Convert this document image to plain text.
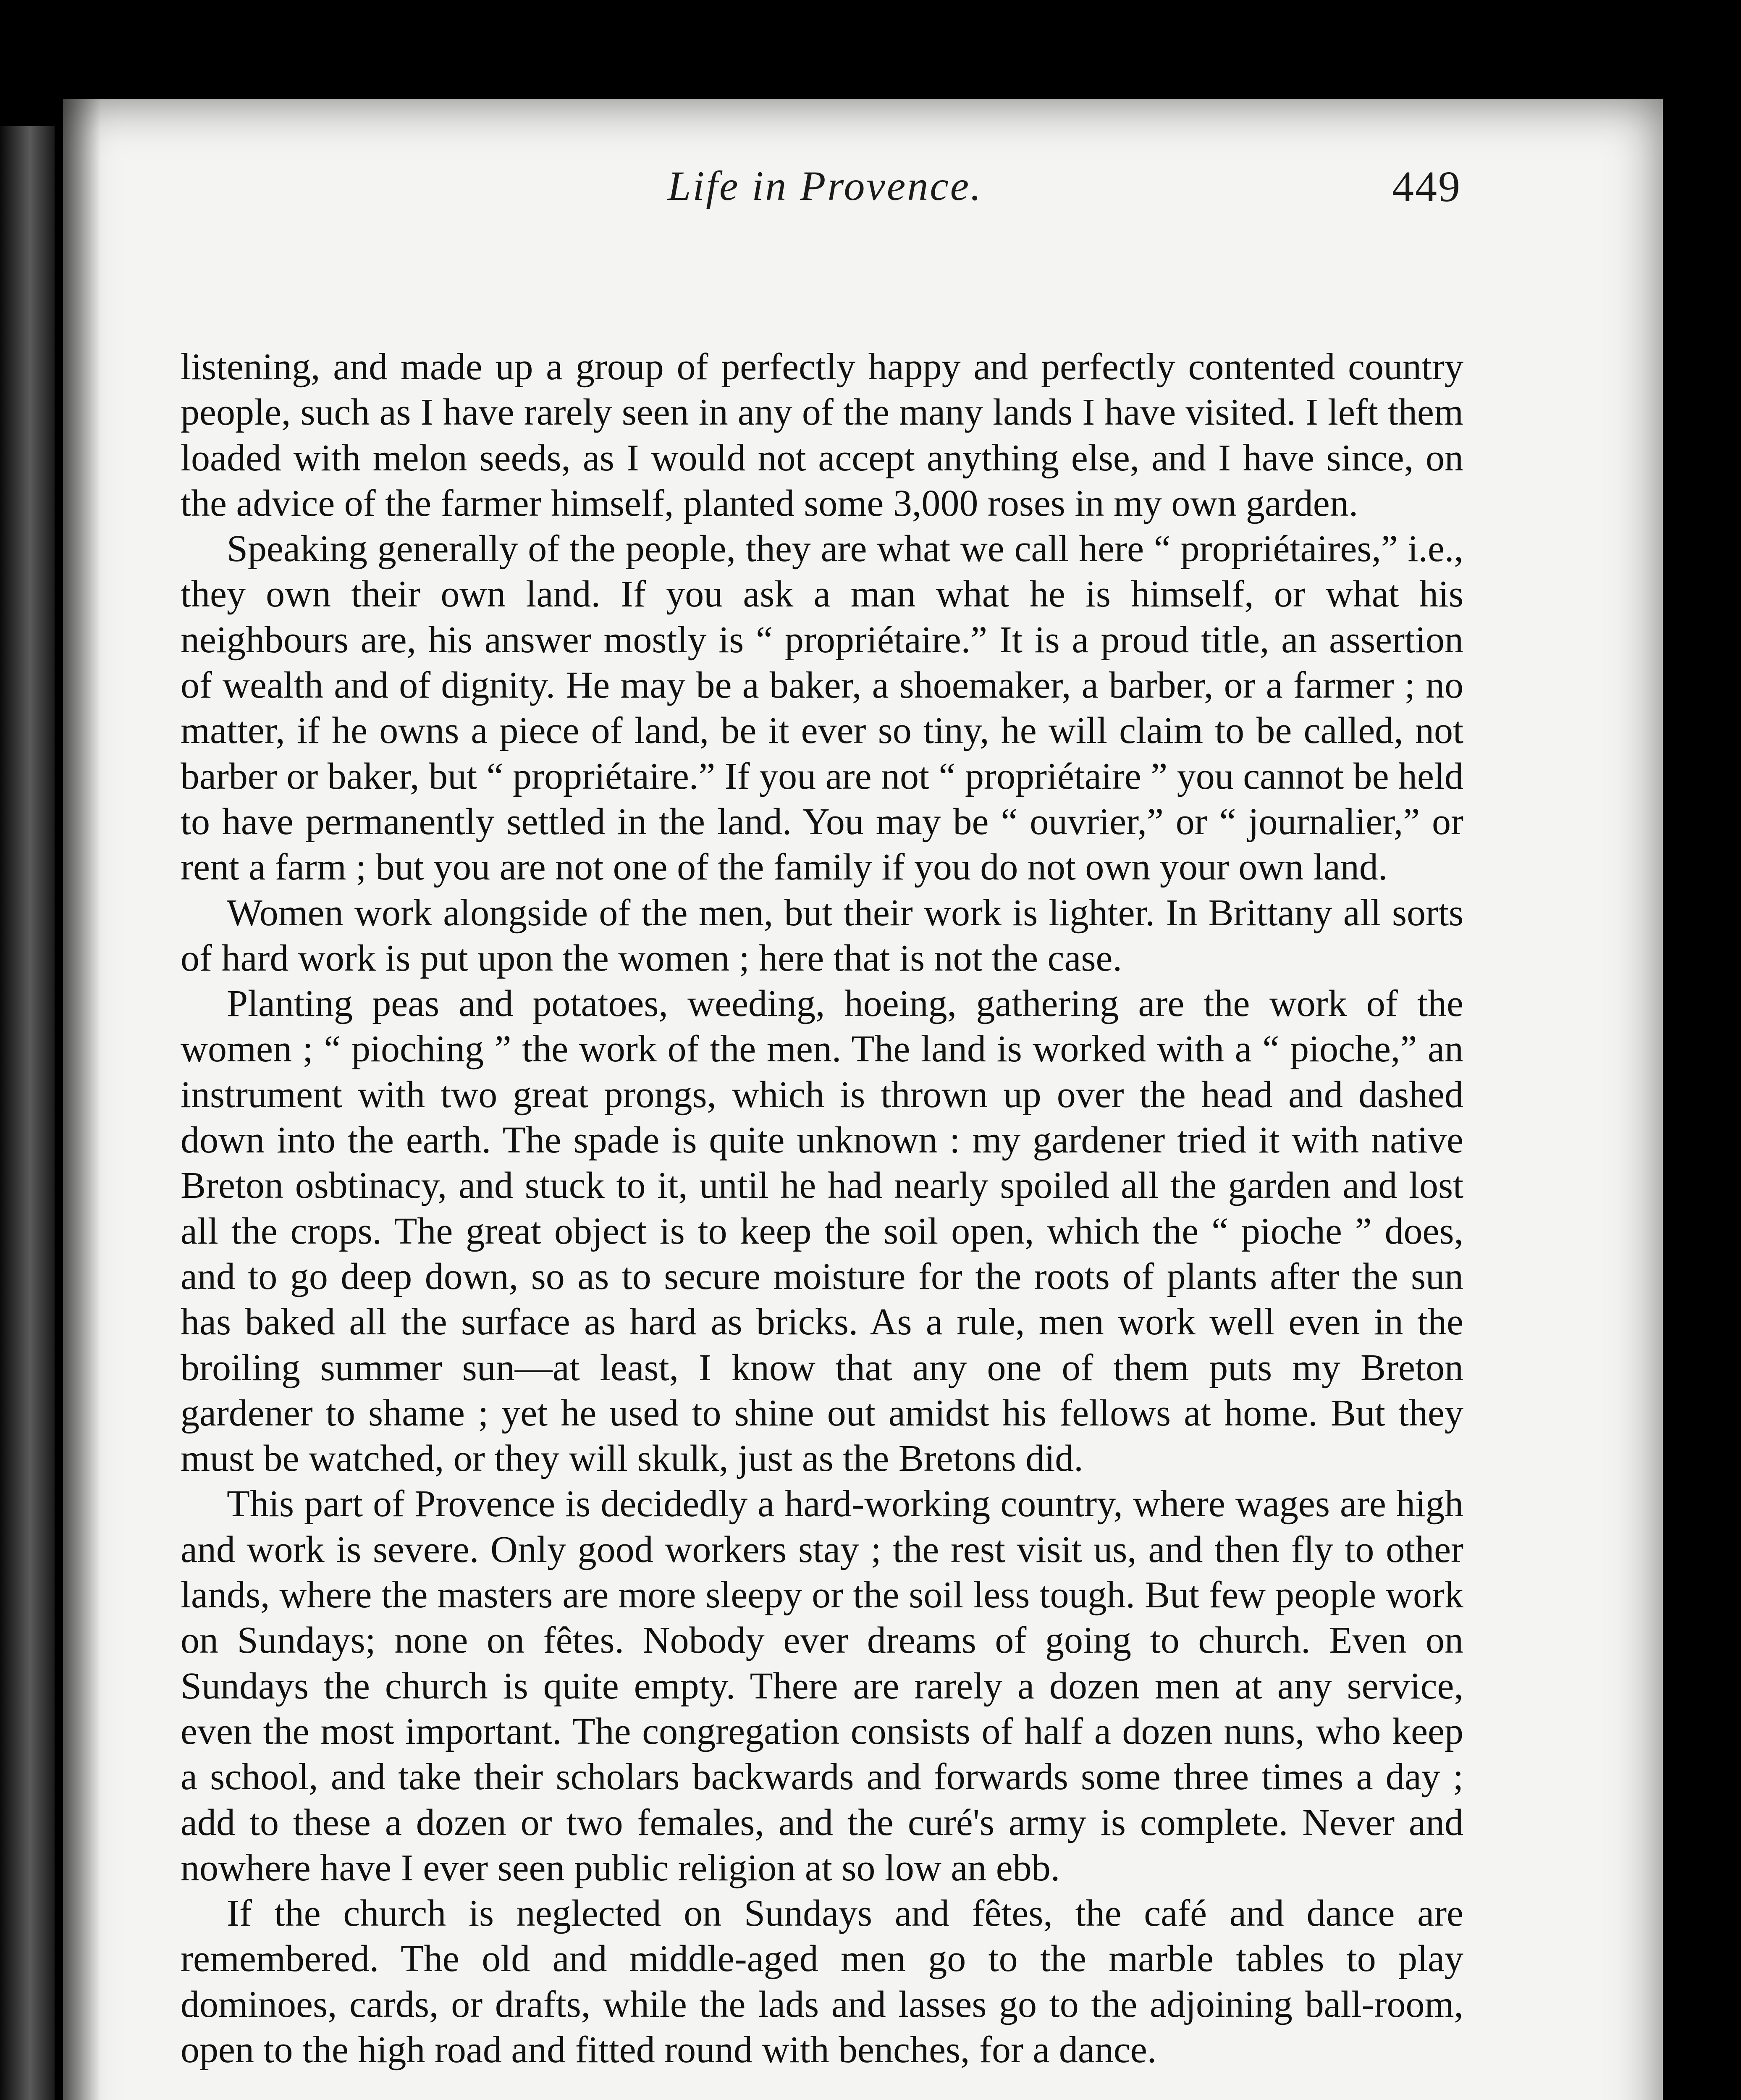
Life in Provence.	449

listening, and made up a group of perfectly happy and perfectly contented country people, such as I have rarely seen in any of the many lands I have visited. I left them loaded with melon seeds, as I would not accept anything else, and I have since, on the advice of the farmer himself, planted some 3,000 roses in my own garden.

Speaking generally of the people, they are what we call here “ propriétaires,” i.e., they own their own land. If you ask a man what he is himself, or what his neighbours are, his answer mostly is “ propriétaire.” It is a proud title, an assertion of wealth and of dignity. He may be a baker, a shoemaker, a barber, or a farmer ; no matter, if he owns a piece of land, be it ever so tiny, he will claim to be called, not barber or baker, but “ propriétaire.” If you are not “ propriétaire ” you cannot be held to have permanently settled in the land. You may be “ ouvrier,” or “ journalier,” or rent a farm ; but you are not one of the family if you do not own your own land.

Women work alongside of the men, but their work is lighter. In Brittany all sorts of hard work is put upon the women ; here that is not the case.

Planting peas and potatoes, weeding, hoeing, gathering are the work of the women ; “ pioching ” the work of the men. The land is worked with a “ pioche,” an instrument with two great prongs, which is thrown up over the head and dashed down into the earth. The spade is quite unknown : my gardener tried it with native Breton osbtinacy, and stuck to it, until he had nearly spoiled all the garden and lost all the crops. The great object is to keep the soil open, which the “ pioche ” does, and to go deep down, so as to secure moisture for the roots of plants after the sun has baked all the surface as hard as bricks. As a rule, men work well even in the broiling summer sun—at least, I know that any one of them puts my Breton gardener to shame ; yet he used to shine out amidst his fellows at home. But they must be watched, or they will skulk, just as the Bretons did.

This part of Provence is decidedly a hard-working country, where wages are high and work is severe. Only good workers stay ; the rest visit us, and then fly to other lands, where the masters are more sleepy or the soil less tough. But few people work on Sundays; none on fêtes. Nobody ever dreams of going to church. Even on Sundays the church is quite empty. There are rarely a dozen men at any service, even the most important. The congregation consists of half a dozen nuns, who keep a school, and take their scholars backwards and forwards some three times a day ; add to these a dozen or two females, and the curé's army is complete. Never and nowhere have I ever seen public religion at so low an ebb.

If the church is neglected on Sundays and fêtes, the café and dance are remembered. The old and middle-aged men go to the marble tables to play dominoes, cards, or drafts, while the lads and lasses go to the adjoining ball-room, open to the high road and fitted round with benches, for a dance.
